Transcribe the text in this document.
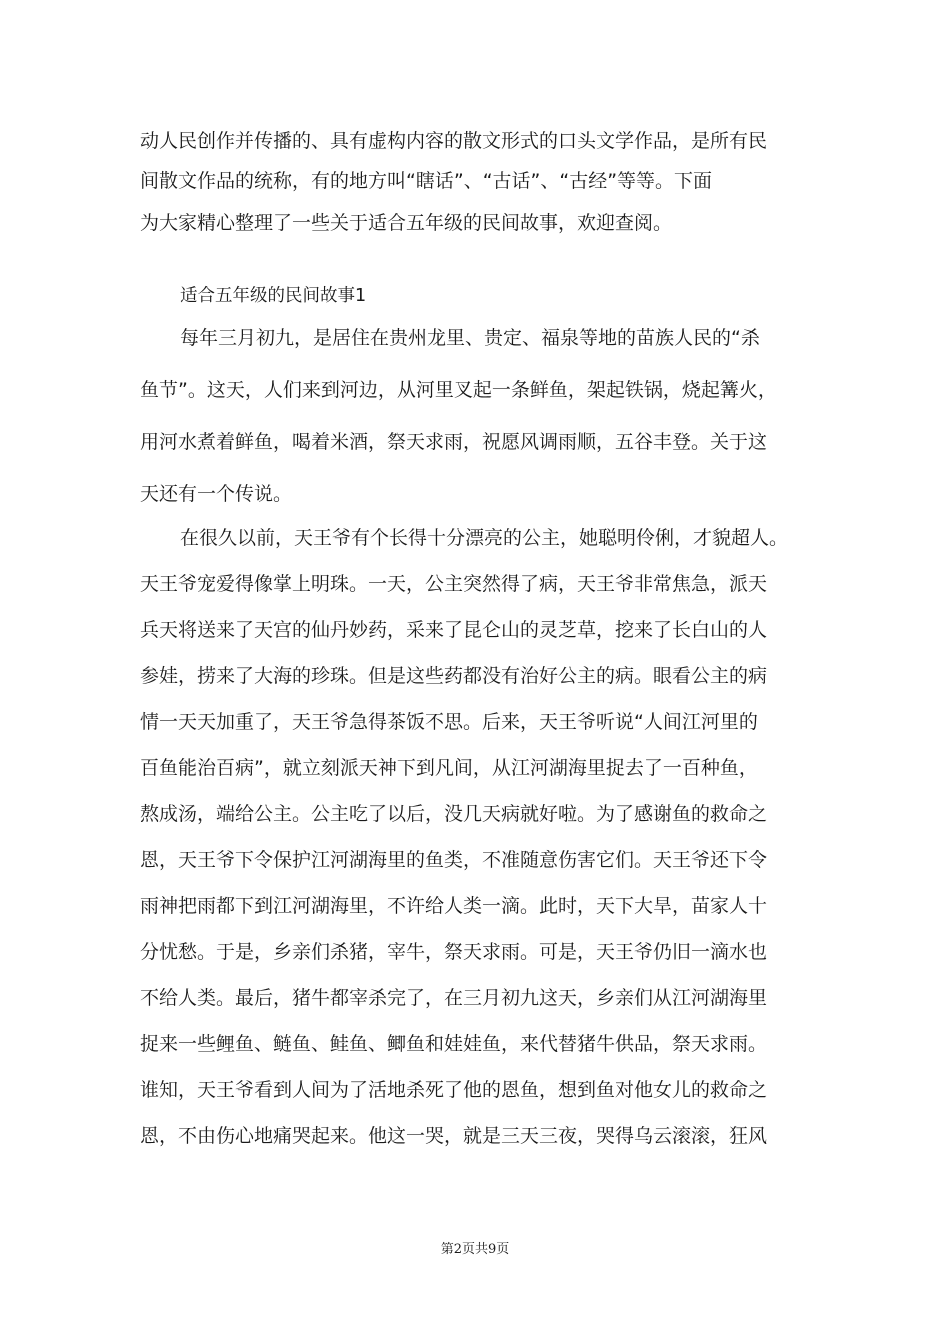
动人民创作并传播的、具有虚构内容的散文形式的口头文学作品，是所有民
间散文作品的统称，有的地方叫“瞎话”、“古话”、“古经”等等。下面
为大家精心整理了一些关于适合五年级的民间故事，欢迎查阅。
适合五年级的民间故事1
每年三月初九，是居住在贵州龙里、贵定、福泉等地的苗族人民的“杀
鱼节”。这天，人们来到河边，从河里叉起一条鲜鱼，架起铁锅，烧起篝火，
用河水煮着鲜鱼，喝着米酒，祭天求雨，祝愿风调雨顺，五谷丰登。关于这
天还有一个传说。
在很久以前，天王爷有个长得十分漂亮的公主，她聪明伶俐，才貌超人。
天王爷宠爱得像掌上明珠。一天，公主突然得了病，天王爷非常焦急，派天
兵天将送来了天宫的仙丹妙药，采来了昆仑山的灵芝草，挖来了长白山的人
参娃，捞来了大海的珍珠。但是这些药都没有治好公主的病。眼看公主的病
情一天天加重了，天王爷急得茶饭不思。后来，天王爷听说“人间江河里的
百鱼能治百病”，就立刻派天神下到凡间，从江河湖海里捉去了一百种鱼，
熬成汤，端给公主。公主吃了以后，没几天病就好啦。为了感谢鱼的救命之
恩，天王爷下令保护江河湖海里的鱼类，不准随意伤害它们。天王爷还下令
雨神把雨都下到江河湖海里，不许给人类一滴。此时，天下大旱，苗家人十
分忧愁。于是，乡亲们杀猪，宰牛，祭天求雨。可是，天王爷仍旧一滴水也
不给人类。最后，猪牛都宰杀完了，在三月初九这天，乡亲们从江河湖海里
捉来一些鲤鱼、鲢鱼、鲑鱼、鲫鱼和娃娃鱼，来代替猪牛供品，祭天求雨。
谁知，天王爷看到人间为了活地杀死了他的恩鱼，想到鱼对他女儿的救命之
恩，不由伤心地痛哭起来。他这一哭，就是三天三夜，哭得乌云滚滚，狂风
第2页共9页
